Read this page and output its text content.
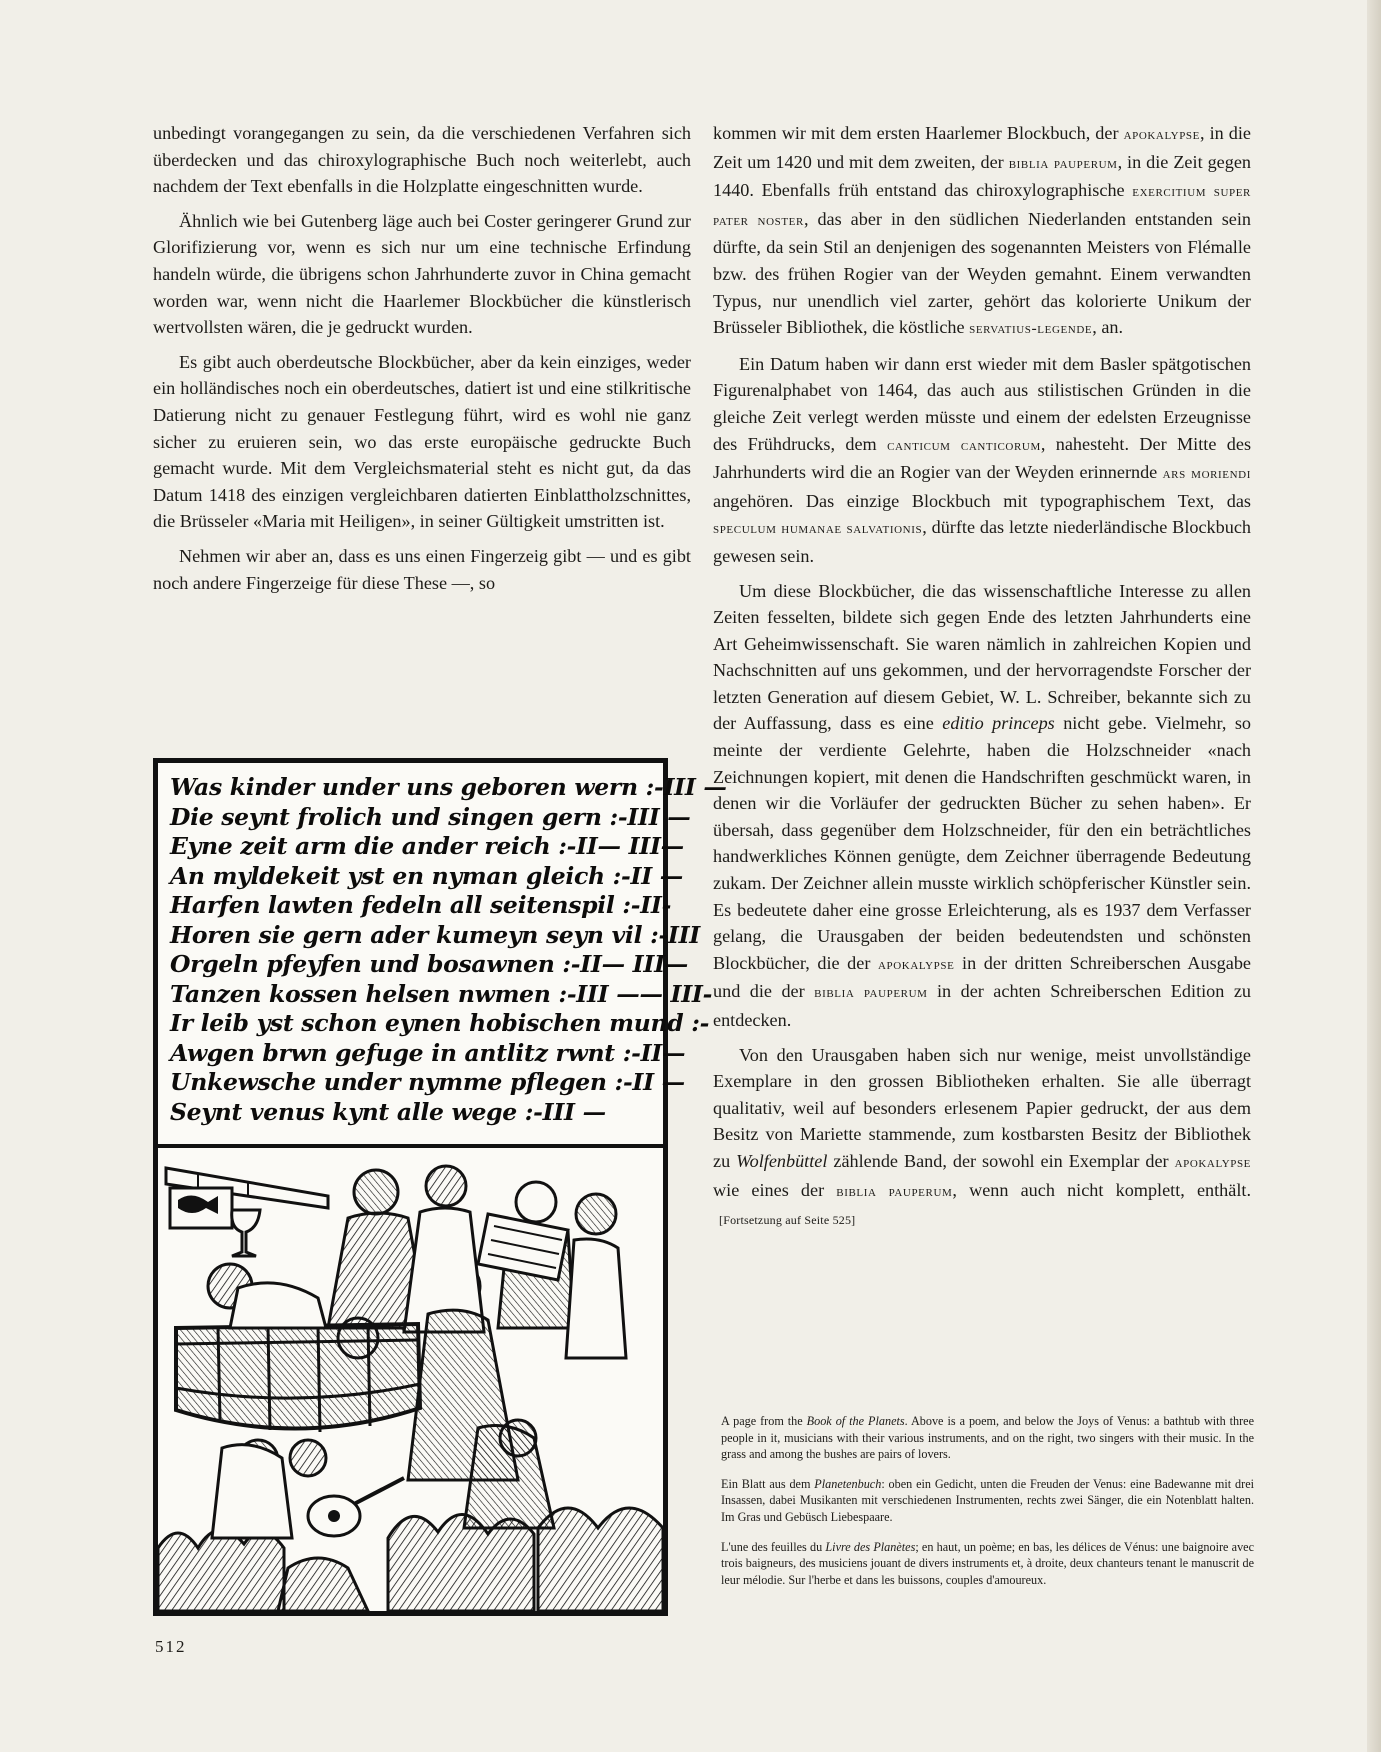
unbedingt vorangegangen zu sein, da die verschiedenen Verfahren sich überdecken und das chiroxylographische Buch noch weiterlebt, auch nachdem der Text ebenfalls in die Holzplatte eingeschnitten wurde.

Ähnlich wie bei Gutenberg läge auch bei Coster geringerer Grund zur Glorifizierung vor, wenn es sich nur um eine technische Erfindung handeln würde, die übrigens schon Jahrhunderte zuvor in China gemacht worden war, wenn nicht die Haarlemer Blockbücher die künstlerisch wertvollsten wären, die je gedruckt wurden.

Es gibt auch oberdeutsche Blockbücher, aber da kein einziges, weder ein holländisches noch ein oberdeutsches, datiert ist und eine stilkritische Datierung nicht zu genauer Festlegung führt, wird es wohl nie ganz sicher zu eruieren sein, wo das erste europäische gedruckte Buch gemacht wurde. Mit dem Vergleichsmaterial steht es nicht gut, da das Datum 1418 des einzigen vergleichbaren datierten Einblattholzschnittes, die Brüsseler «Maria mit Heiligen», in seiner Gültigkeit umstritten ist.

Nehmen wir aber an, dass es uns einen Fingerzeig gibt — und es gibt noch andere Fingerzeige für diese These —, so

kommen wir mit dem ersten Haarlemer Blockbuch, der apokalypse, in die Zeit um 1420 und mit dem zweiten, der biblia pauperum, in die Zeit gegen 1440. Ebenfalls früh entstand das chiroxylographische exercitium super pater noster, das aber in den südlichen Niederlanden entstanden sein dürfte, da sein Stil an denjenigen des sogenannten Meisters von Flémalle bzw. des frühen Rogier van der Weyden gemahnt. Einem verwandten Typus, nur unendlich viel zarter, gehört das kolorierte Unikum der Brüsseler Bibliothek, die köstliche servatius-legende, an.

Ein Datum haben wir dann erst wieder mit dem Basler spätgotischen Figurenalphabet von 1464, das auch aus stilistischen Gründen in die gleiche Zeit verlegt werden müsste und einem der edelsten Erzeugnisse des Frühdrucks, dem canticum canticorum, nahesteht. Der Mitte des Jahrhunderts wird die an Rogier van der Weyden erinnernde ars moriendi angehören. Das einzige Blockbuch mit typographischem Text, das speculum humanae salvationis, dürfte das letzte niederländische Blockbuch gewesen sein.

Um diese Blockbücher, die das wissenschaftliche Interesse zu allen Zeiten fesselten, bildete sich gegen Ende des letzten Jahrhunderts eine Art Geheimwissenschaft. Sie waren nämlich in zahlreichen Kopien und Nachschnitten auf uns gekommen, und der hervorragendste Forscher der letzten Generation auf diesem Gebiet, W. L. Schreiber, bekannte sich zu der Auffassung, dass es eine editio princeps nicht gebe. Vielmehr, so meinte der verdiente Gelehrte, haben die Holzschneider «nach Zeichnungen kopiert, mit denen die Handschriften geschmückt waren, in denen wir die Vorläufer der gedruckten Bücher zu sehen haben». Er übersah, dass gegenüber dem Holzschneider, für den ein beträchtliches handwerkliches Können genügte, dem Zeichner überragende Bedeutung zukam. Der Zeichner allein musste wirklich schöpferischer Künstler sein. Es bedeutete daher eine grosse Erleichterung, als es 1937 dem Verfasser gelang, die Urausgaben der beiden bedeutendsten und schönsten Blockbücher, die der apokalypse in der dritten Schreiberschen Ausgabe und die der biblia pauperum in der achten Schreiberschen Edition zu entdecken.

Von den Urausgaben haben sich nur wenige, meist unvollständige Exemplare in den grossen Bibliotheken erhalten. Sie alle überragt qualitativ, weil auf besonders erlesenem Papier gedruckt, der aus dem Besitz von Mariette stammende, zum kostbarsten Besitz der Bibliothek zu Wolfenbüttel zählende Band, der sowohl ein Exemplar der apokalypse wie eines der biblia pauperum, wenn auch nicht komplett, enthält.[Fortsetzung auf Seite 525]

Was kinder under uns geboren wern :-III —
Die seynt frolich und singen gern :-III —
Eyne zeit arm die ander reich :-II— III—
An myldekeit yst en nyman gleich :-II —
Harfen lawten fedeln all seitenspil :-II-
Horen sie gern ader kumeyn seyn vil :-III
Orgeln pfeyfen und bosawnen :-II— III—
Tanzen kossen helsen nwmen :-III —— III-
Ir leib yst schon eynen hobischen mund :-
Awgen brwn gefuge in antlitz rwnt :-II—
Unkewsche under nymme pflegen :-II —
Seynt venus kynt alle wege :-III —

A page from the Book of the Planets. Above is a poem, and below the Joys of Venus: a bathtub with three people in it, musicians with their various instruments, and on the right, two singers with their music. In the grass and among the bushes are pairs of lovers.

Ein Blatt aus dem Planetenbuch: oben ein Gedicht, unten die Freuden der Venus: eine Badewanne mit drei Insassen, dabei Musikanten mit verschiedenen Instrumenten, rechts zwei Sänger, die ein Notenblatt halten. Im Gras und Gebüsch Liebespaare.

L'une des feuilles du Livre des Planètes; en haut, un poème; en bas, les délices de Vénus: une baignoire avec trois baigneurs, des musiciens jouant de divers instruments et, à droite, deux chanteurs tenant le manuscrit de leur mélodie. Sur l'herbe et dans les buissons, couples d'amoureux.

512
